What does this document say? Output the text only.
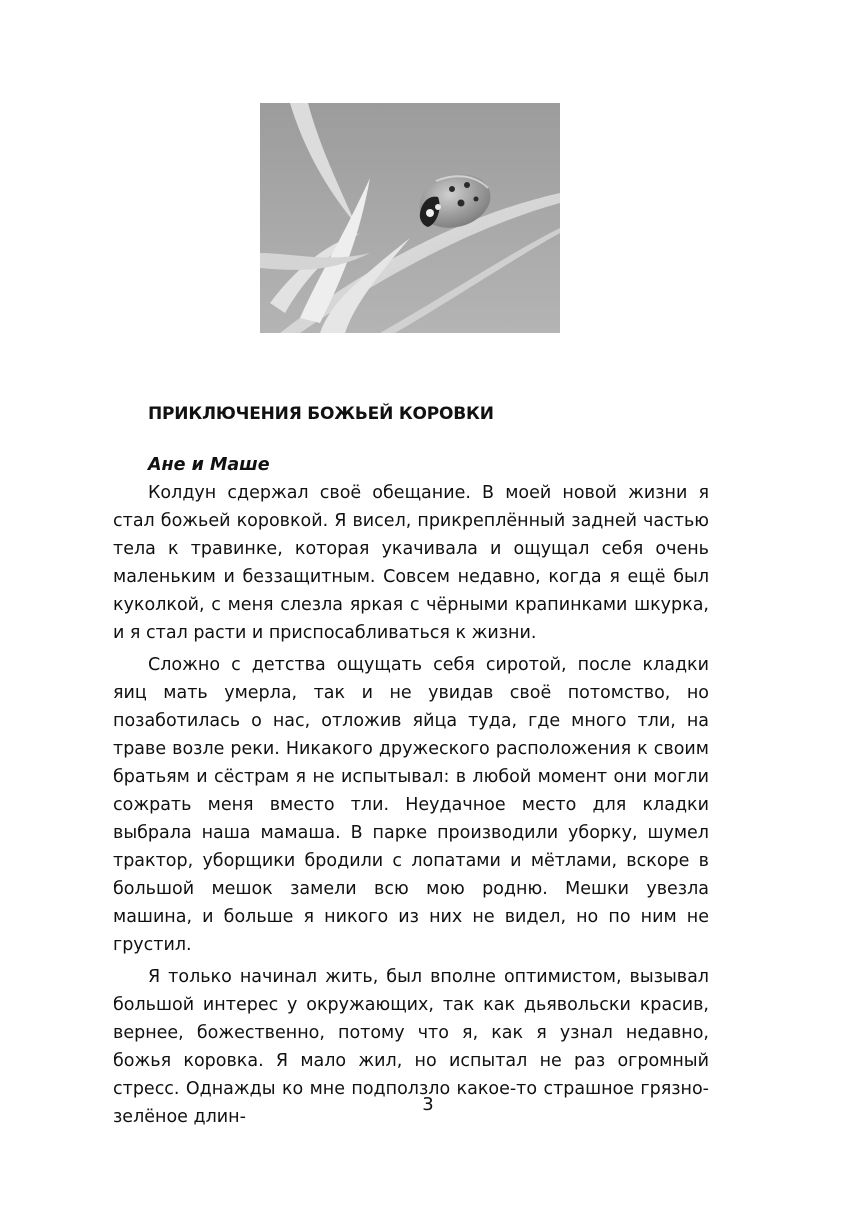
ПРИКЛЮЧЕНИЯ БОЖЬЕЙ КОРОВКИ

Ане и Маше

Колдун сдержал своё обещание. В моей новой жизни я стал божьей коровкой. Я висел, прикреплённый задней частью тела к травинке, которая укачивала и ощущал себя очень маленьким и беззащитным. Совсем недавно, когда я ещё был куколкой, с меня слезла яркая с чёрными крапинками шкурка, и я стал расти и приспосабливаться к жизни.

Сложно с детства ощущать себя сиротой, после кладки яиц мать умерла, так и не увидав своё потомство, но позаботилась о нас, отложив яйца туда, где много тли, на траве возле реки. Никакого дружеского расположения к своим братьям и сёстрам я не испытывал: в любой момент они могли сожрать меня вместо тли. Неудачное место для кладки выбрала наша мамаша. В парке производили уборку, шумел трактор, уборщики бродили с лопатами и мётлами, вскоре в большой мешок замели всю мою родню. Мешки увезла машина, и больше я никого из них не видел, но по ним не грустил.

Я только начинал жить, был вполне оптимистом, вызывал большой интерес у окружающих, так как дьявольски красив, вернее, божественно, потому что я, как я узнал недавно, божья коровка. Я мало жил, но испытал не раз огромный стресс. Однажды ко мне подползло какое-то страшное грязно-зелёное длин-

3
